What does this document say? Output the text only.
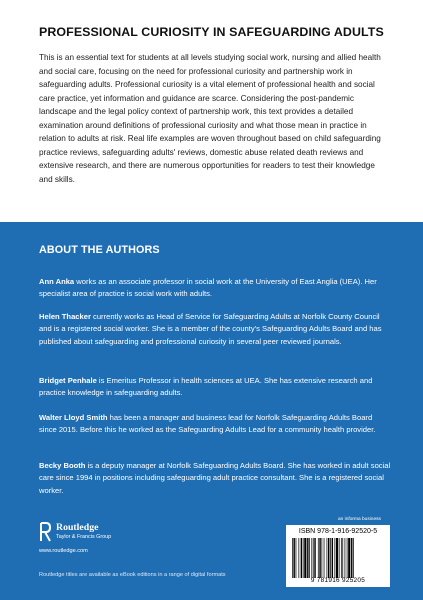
PROFESSIONAL CURIOSITY IN SAFEGUARDING ADULTS
This is an essential text for students at all levels studying social work, nursing and allied health and social care, focusing on the need for professional curiosity and partnership work in safeguarding adults. Professional curiosity is a vital element of professional health and social care practice, yet information and guidance are scarce. Considering the post-pandemic landscape and the legal policy context of partnership work, this text provides a detailed examination around definitions of professional curiosity and what those mean in practice in relation to adults at risk. Real life examples are woven throughout based on child safeguarding practice reviews, safeguarding adults' reviews, domestic abuse related death reviews and extensive research, and there are numerous opportunities for readers to test their knowledge and skills.
ABOUT THE AUTHORS
Ann Anka works as an associate professor in social work at the University of East Anglia (UEA). Her specialist area of practice is social work with adults.
Helen Thacker currently works as Head of Service for Safeguarding Adults at Norfolk County Council and is a registered social worker. She is a member of the county's Safeguarding Adults Board and has published about safeguarding and professional curiosity in several peer reviewed journals.
Bridget Penhale is Emeritus Professor in health sciences at UEA. She has extensive research and practice knowledge in safeguarding adults.
Walter Lloyd Smith has been a manager and business lead for Norfolk Safeguarding Adults Board since 2015. Before this he worked as the Safeguarding Adults Lead for a community health provider.
Becky Booth is a deputy manager at Norfolk Safeguarding Adults Board. She has worked in adult social care since 1994 in positions including safeguarding adult practice consultant. She is a registered social worker.
Routledge
Taylor & Francis Group
www.routledge.com
Routledge titles are available as eBook editions in a range of digital formats
an informa business
ISBN 978-1-916-92520-5
9 781916 925205
